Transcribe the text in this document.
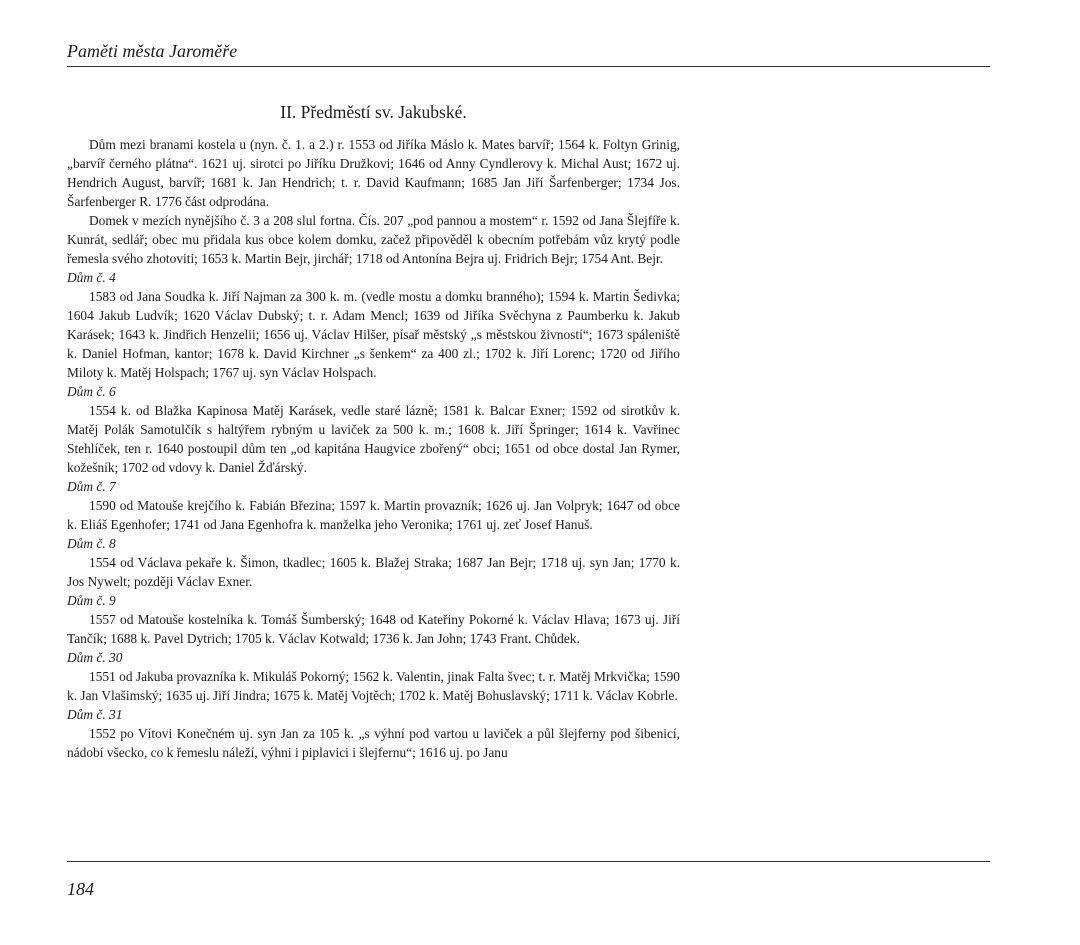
Paměti města Jaroměře
II. Předměstí sv. Jakubské.

Dům mezi branami kostela u (nyn. č. 1. a 2.) r. 1553 od Jiříka Máslo k. Mates barvíř; 1564 k. Foltyn Grinig, „barvíř černého plátna“. 1621 uj. sirotci po Jiříku Družkovi; 1646 od Anny Cyndlerovy k. Michal Aust; 1672 uj. Hendrich August, barvíř; 1681 k. Jan Hendrich; t. r. David Kaufmann; 1685 Jan Jiří Šarfenberger; 1734 Jos. Šarfenberger R. 1776 část odprodána.

Domek v mezích nynějšího č. 3 a 208 slul fortna. Čís. 207 „pod pannou a mostem“ r. 1592 od Jana Šlejfíře k. Kunrát, sedlář; obec mu přidala kus obce kolem domku, začež připověděl k obecním potřebám vůz krytý podle řemesla svého zhotoviti; 1653 k. Martin Bejr, jirchář; 1718 od Antonína Bejra uj. Fridrich Bejr; 1754 Ant. Bejr.

Dům č. 4

1583 od Jana Soudka k. Jiří Najman za 300 k. m. (vedle mostu a domku branného); 1594 k. Martin Šedivka; 1604 Jakub Ludvík; 1620 Václav Dubský; t. r. Adam Mencl; 1639 od Jiříka Svěchyna z Paumberku k. Jakub Karásek; 1643 k. Jindřich Henzelii; 1656 uj. Václav Hilšer, písař městský „s městskou živností“; 1673 spáleniště k. Daniel Hofman, kantor; 1678 k. David Kirchner „s šenkem“ za 400 zl.; 1702 k. Jiří Lorenc; 1720 od Jiřího Miloty k. Matěj Holspach; 1767 uj. syn Václav Holspach.

Dům č. 6

1554 k. od Blažka Kapinosa Matěj Karásek, vedle staré lázně; 1581 k. Balcar Exner; 1592 od sirotkův k. Matěj Polák Samotulčík s haltýřem rybným u laviček za 500 k. m.; 1608 k. Jiří Špringer; 1614 k. Vavřinec Stehlíček, ten r. 1640 postoupil dům ten „od kapitána Haugvice zbořený“ obci; 1651 od obce dostal Jan Rymer, kožešník; 1702 od vdovy k. Daniel Žďárský.

Dům č. 7

1590 od Matouše krejčího k. Fabián Březina; 1597 k. Martin provazník; 1626 uj. Jan Volpryk; 1647 od obce k. Eliáš Egenhofer; 1741 od Jana Egenhofra k. manželka jeho Veronika; 1761 uj. zeť Josef Hanuš.

Dům č. 8

1554 od Václava pekaře k. Šimon, tkadlec; 1605 k. Blažej Straka; 1687 Jan Bejr; 1718 uj. syn Jan; 1770 k. Jos Nywelt; později Václav Exner.

Dům č. 9

1557 od Matouše kostelníka k. Tomáš Šumberský; 1648 od Kateřiny Pokorné k. Václav Hlava; 1673 uj. Jiří Tančík; 1688 k. Pavel Dytrich; 1705 k. Václav Kotwald; 1736 k. Jan John; 1743 Frant. Chůdek.

Dům č. 30

1551 od Jakuba provazníka k. Mikuláš Pokorný; 1562 k. Valentin, jinak Falta švec; t. r. Matěj Mrkvička; 1590 k. Jan Vlašimský; 1635 uj. Jiří Jindra; 1675 k. Matěj Vojtěch; 1702 k. Matěj Bohuslavský; 1711 k. Václav Kobrle.

Dům č. 31

1552 po Vítovi Konečném uj. syn Jan za 105 k. „s výhní pod vartou u laviček a půl šlejferny pod šibenicí, nádobí všecko, co k řemeslu náleží, výhni i piplavici i šlejfernu“; 1616 uj. po Janu

184
